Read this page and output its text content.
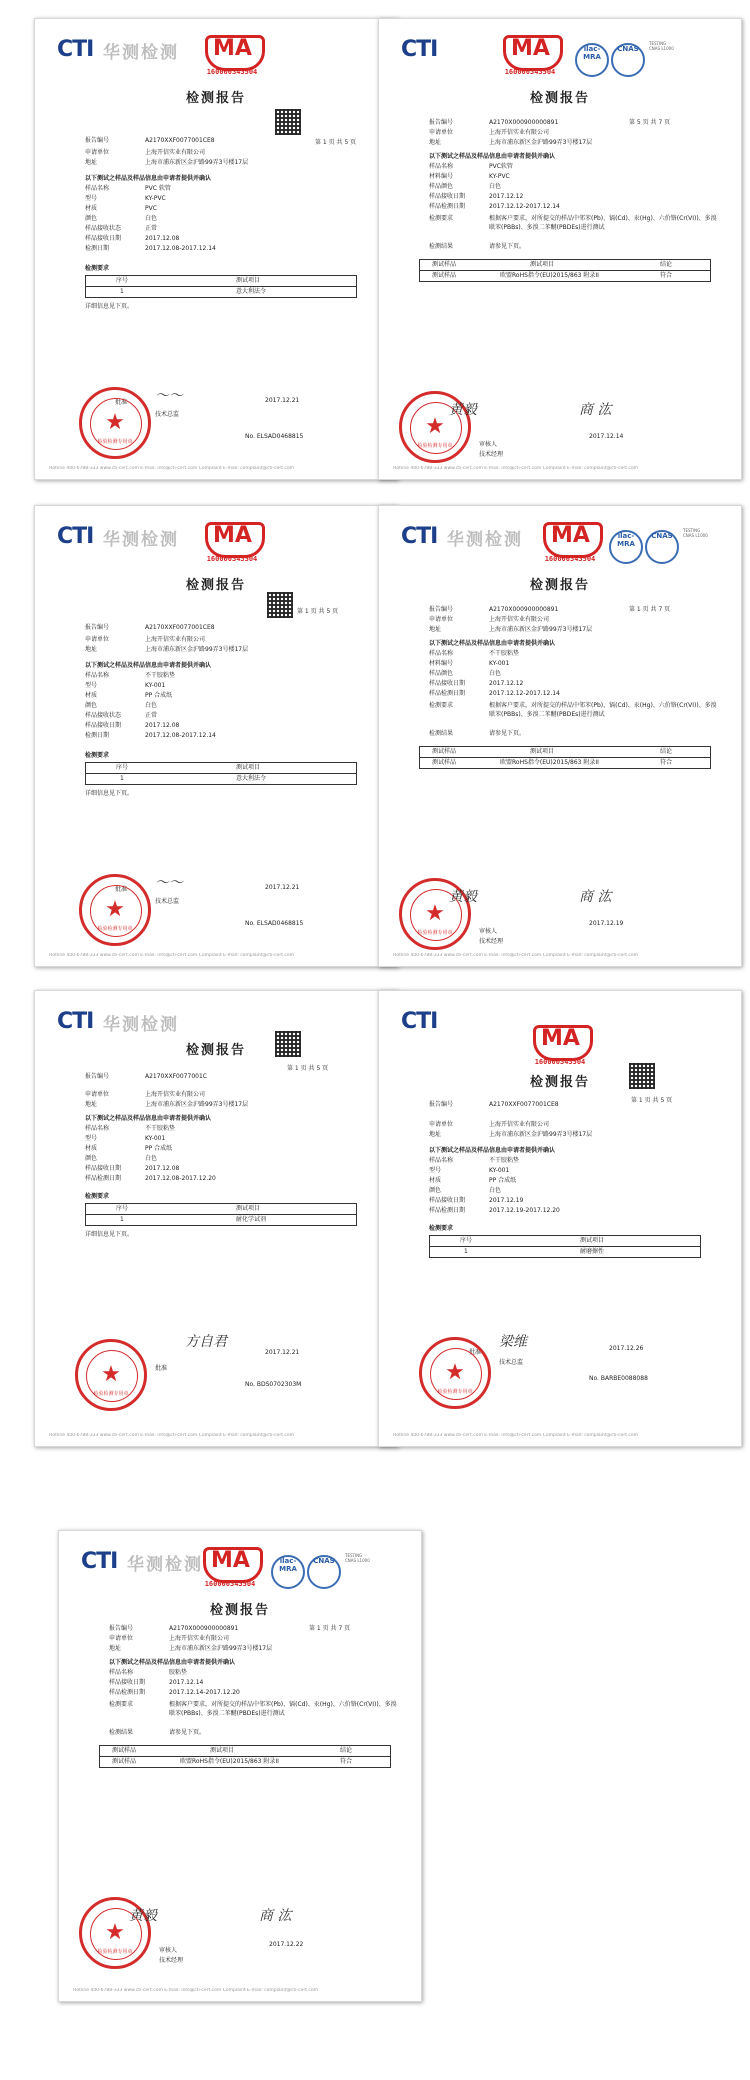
CTI 华测检测 MA
160000343504
检测报告
第 1 页 共 5 页
报告编号	A2170XXF0077001CE8
申请单位	上海开信实业有限公司
地址	上海市浦东新区金沪路99弄3号楼17层
以下测试之样品及样品信息由申请者提供并确认
样品名称	PVC 软管
型号	KY-PVC
材质	PVC
颜色	白色
样品接收状态	正常
样品接收日期	2017.12.08
检测日期	2017.12.08-2017.12.14
检测要求
序号	测试项目
1	意大利法令
详细信息见下页。
批准 〜〜	2017.12.21
No. ELSAD0468815
技术总监
★
检验检测专用章
Hotline 400-6788-333 www.cti-cert.com E-mail: info@cti-cert.com Complaint E-mail: complaint@cti-cert.com
CTI	MA
160000343504
ilac-MRA
CNAS
TESTING
CNAS L1000
检测报告
报告编号	A2170X000900000891	第 5 页 共 7 页
申请单位	上海开信实业有限公司
地址	上海市浦东新区金沪路99弄3号楼17层
以下测试之样品及样品信息由申请者提供并确认
样品名称	PVC软管
材料编号	KY-PVC
样品颜色	白色
样品接收日期	2017.12.12
样品检测日期	2017.12.12-2017.12.14
检测要求	根据客户要求，对所提交的样品中邻苯(Pb)、镉(Cd)、汞(Hg)、六价铬(Cr(VI))、多溴联苯(PBBs)、多溴二苯醚(PBDEs)进行测试
检测结果	请参见下页。
测试样品	测试项目	结论
测试样品	欧盟RoHS指令(EU)2015/863 附录II	符合
★
检验检测专用章
黄毅	商 汯
审核人
技术经理
2017.12.14
Hotline 400-6788-333 www.cti-cert.com E-mail: info@cti-cert.com Complaint E-mail: complaint@cti-cert.com
CTI 华测检测 MA
160000343504
检测报告
第 1 页 共 5 页
报告编号	A2170XXF0077001CE8
申请单位	上海开信实业有限公司
地址	上海市浦东新区金沪路99弄3号楼17层
以下测试之样品及样品信息由申请者提供并确认
样品名称	不干胶粘垫
型号	KY-001
材质	PP 合成纸
颜色	白色
样品接收状态	正常
样品接收日期	2017.12.08
检测日期	2017.12.08-2017.12.14
检测要求
序号	测试项目
1	意大利法令
详细信息见下页。
批准 〜〜	2017.12.21
No. ELSAD0468815
技术总监
★
检验检测专用章
Hotline 400-6788-333 www.cti-cert.com E-mail: info@cti-cert.com Complaint E-mail: complaint@cti-cert.com
CTI 华测检测 MA
160000343504
ilac-MRA
CNAS
TESTING
CNAS L1000
检测报告
报告编号	A2170X000900000891	第 1 页 共 7 页
申请单位	上海开信实业有限公司
地址	上海市浦东新区金沪路99弄3号楼17层
以下测试之样品及样品信息由申请者提供并确认
样品名称	不干胶粘垫
材料编号	KY-001
样品颜色	白色
样品接收日期	2017.12.12
样品检测日期	2017.12.12-2017.12.14
检测要求	根据客户要求，对所提交的样品中邻苯(Pb)、镉(Cd)、汞(Hg)、六价铬(Cr(VI))、多溴联苯(PBBs)、多溴二苯醚(PBDEs)进行测试
检测结果	请参见下页。
测试样品	测试项目	结论
测试样品	欧盟RoHS指令(EU)2015/863 附录II	符合
★
检验检测专用章
黄毅	商 汯
审核人
技术经理
2017.12.19
Hotline 400-6788-333 www.cti-cert.com E-mail: info@cti-cert.com Complaint E-mail: complaint@cti-cert.com
CTI 华测检测
检测报告
第 1 页 共 5 页
报告编号	A2170XXF0077001C
申请单位	上海开信实业有限公司
地址	上海市浦东新区金沪路99弄3号楼17层
以下测试之样品及样品信息由申请者提供并确认
样品名称	不干胶粘垫
型号	KY-001
材质	PP 合成纸
颜色	白色
样品接收日期	2017.12.08
样品检测日期	2017.12.08-2017.12.20
检测要求
序号	测试项目
1	耐化学试剂
详细信息见下页。
方自君
批准
2017.12.21
No. BDS0702303M
★
检验检测专用章
Hotline 400-6788-333 www.cti-cert.com E-mail: info@cti-cert.com Complaint E-mail: complaint@cti-cert.com
CTI
MA
160000343504
检测报告
第 1 页 共 5 页
报告编号	A2170XXF0077001CE8
申请单位	上海开信实业有限公司
地址	上海市浦东新区金沪路99弄3号楼17层
以下测试之样品及样品信息由申请者提供并确认
样品名称	不干胶粘垫
型号	KY-001
材质	PP 合成纸
颜色	白色
样品接收日期	2017.12.19
样品检测日期	2017.12.19-2017.12.20
检测要求
序号	测试项目
1	耐磨擦性
梁维
批准
技术总监
2017.12.26
No. BARBE0088088
★
检验检测专用章
Hotline 400-6788-333 www.cti-cert.com E-mail: info@cti-cert.com Complaint E-mail: complaint@cti-cert.com
CTI 华测检测 MA
160000343504
ilac-MRA
CNAS
TESTING
CNAS L1000
检测报告
报告编号	A2170X000900000891	第 1 页 共 7 页
申请单位	上海开信实业有限公司
地址	上海市浦东新区金沪路99弄3号楼17层
以下测试之样品及样品信息由申请者提供并确认
样品名称	胶粘垫
样品接收日期	2017.12.14
样品检测日期	2017.12.14-2017.12.20
检测要求	根据客户要求，对所提交的样品中邻苯(Pb)、镉(Cd)、汞(Hg)、六价铬(Cr(VI))、多溴联苯(PBBs)、多溴二苯醚(PBDEs)进行测试
检测结果	请参见下页。
测试样品	测试项目	结论
测试样品	欧盟RoHS指令(EU)2015/863 附录II	符合
★
检验检测专用章
黄毅	商 汯
审核人
技术经理
2017.12.22
Hotline 400-6788-333 www.cti-cert.com E-mail: info@cti-cert.com Complaint E-mail: complaint@cti-cert.com
